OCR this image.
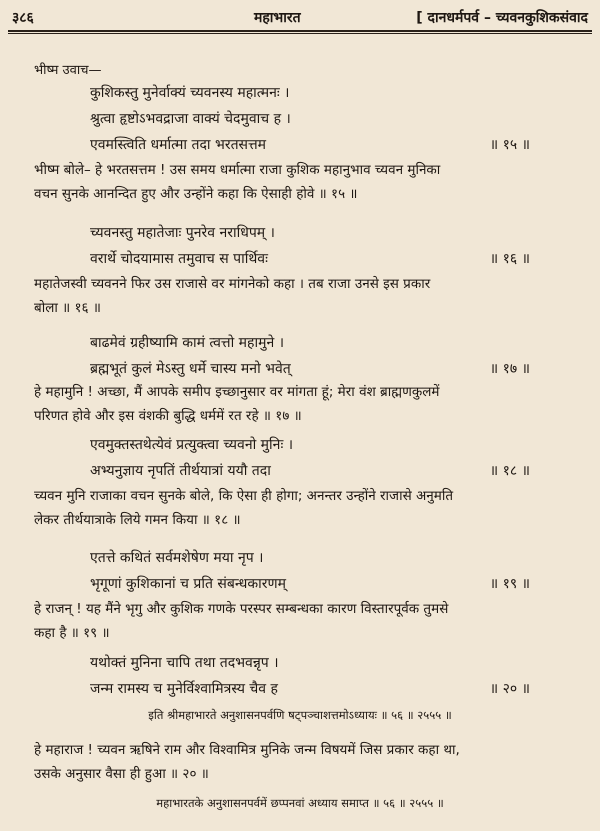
३८६	महाभारत	[ दानधर्मपर्व – च्यवनकुशिकसंवाद
भीष्म उवाच—
कुशिकस्तु मुनेर्वाक्यं च्यवनस्य महात्मनः ।
श्रुत्वा हृष्टोऽभवद्राजा वाक्यं चेदमुवाच ह ।
एवमस्त्विति धर्मात्मा तदा भरतसत्तम	॥ १५ ॥
भीष्म बोले– हे भरतसत्तम ! उस समय धर्मात्मा राजा कुशिक महानुभाव च्यवन मुनिका
वचन सुनके आनन्दित हुए और उन्होंने कहा कि ऐसाही होवे ॥ १५ ॥
च्यवनस्तु महातेजाः पुनरेव नराधिपम् ।
वरार्थे चोदयामास तमुवाच स पार्थिवः	॥ १६ ॥
महातेजस्वी च्यवनने फिर उस राजासे वर मांगनेको कहा । तब राजा उनसे इस प्रकार
बोला ॥ १६ ॥
बाढमेवं ग्रहीष्यामि कामं त्वत्तो महामुने ।
ब्रह्मभूतं कुलं मेऽस्तु धर्मे चास्य मनो भवेत्	॥ १७ ॥
हे महामुनि ! अच्छा, मैं आपके समीप इच्छानुसार वर मांगता हूं; मेरा वंश ब्राह्मणकुलमें
परिणत होवे और इस वंशकी बुद्धि धर्ममें रत रहे ॥ १७ ॥
एवमुक्तस्तथेत्येवं प्रत्युक्त्वा च्यवनो मुनिः ।
अभ्यनुज्ञाय नृपतिं तीर्थयात्रां ययौ तदा	॥ १८ ॥
च्यवन मुनि राजाका वचन सुनके बोले, कि ऐसा ही होगा; अनन्तर उन्होंने राजासे अनुमति
लेकर तीर्थयात्राके लिये गमन किया ॥ १८ ॥
एतत्ते कथितं सर्वमशेषेण मया नृप ।
भृगूणां कुशिकानां च प्रति संबन्धकारणम्	॥ १९ ॥
हे राजन् ! यह मैंने भृगु और कुशिक गणके परस्पर सम्बन्धका कारण विस्तारपूर्वक तुमसे
कहा है ॥ १९ ॥
यथोक्तं मुनिना चापि तथा तदभवन्नृप ।
जन्म रामस्य च मुनेर्विश्वामित्रस्य चैव ह	॥ २० ॥
इति श्रीमहाभारते अनुशासनपर्वणि षट्पञ्चाशत्तमोऽध्यायः ॥ ५६ ॥ २५५५ ॥
हे महाराज ! च्यवन ऋषिने राम और विश्वामित्र मुनिके जन्म विषयमें जिस प्रकार कहा था,
उसके अनुसार वैसा ही हुआ ॥ २० ॥
महाभारतके अनुशासनपर्वमें छप्पनवां अध्याय समाप्त ॥ ५६ ॥ २५५५ ॥
